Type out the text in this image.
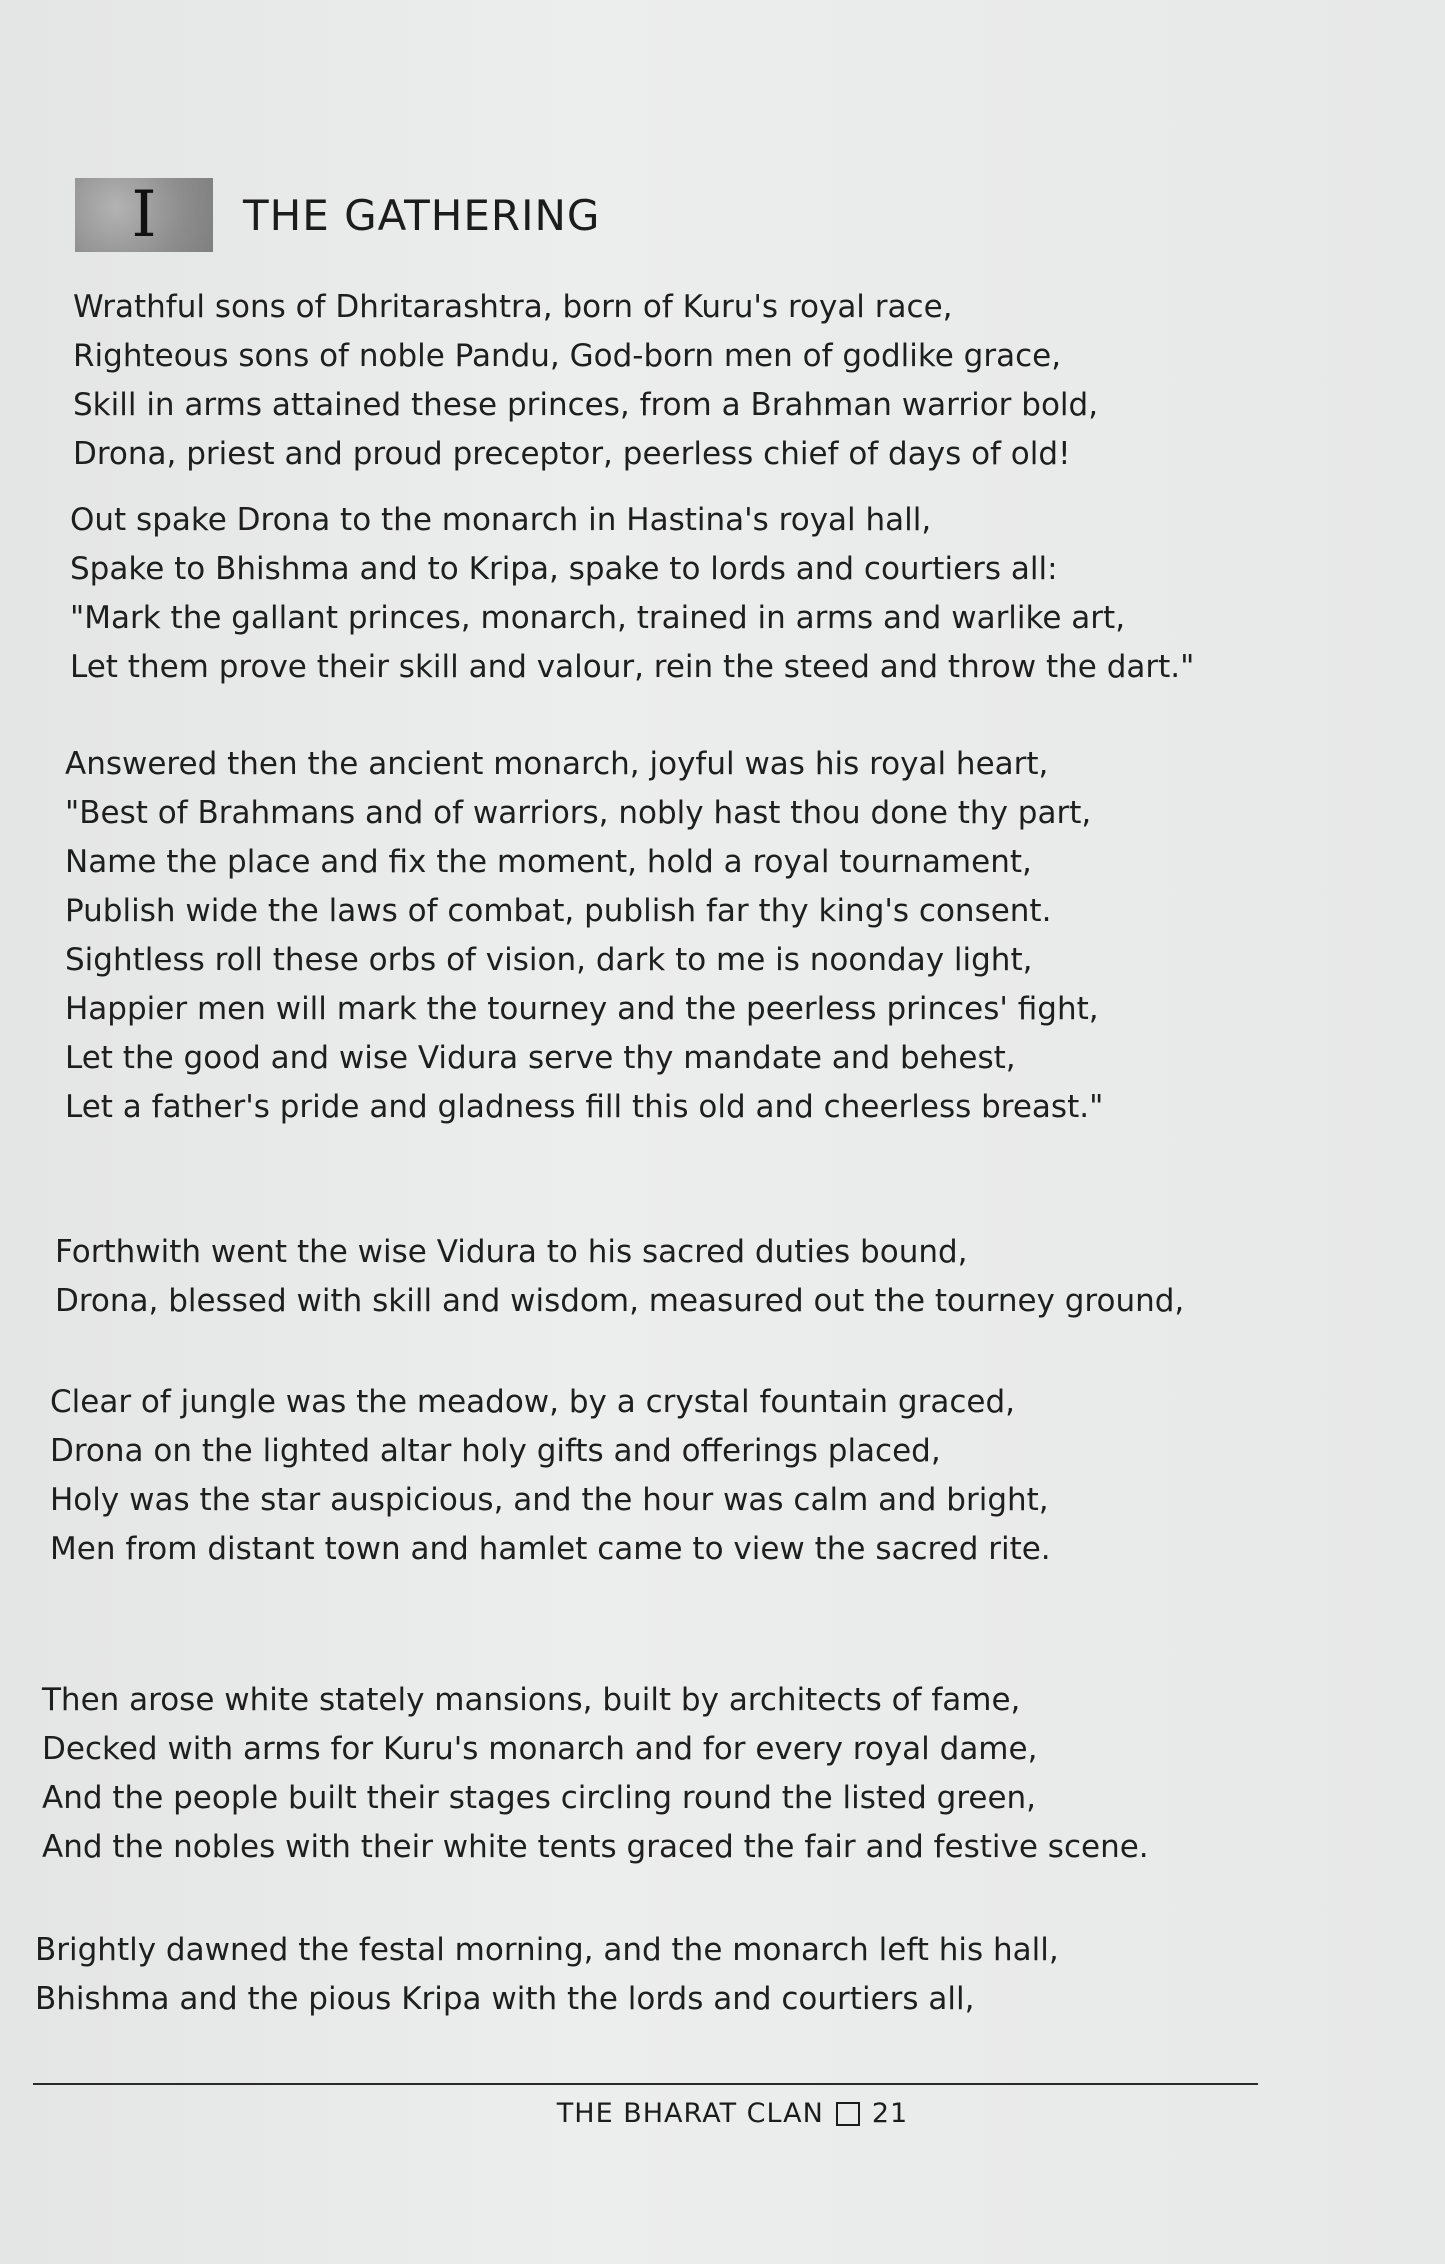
I THE GATHERING
Wrathful sons of Dhritarashtra, born of Kuru's royal race,
Righteous sons of noble Pandu, God-born men of godlike grace,
Skill in arms attained these princes, from a Brahman warrior bold,
Drona, priest and proud preceptor, peerless chief of days of old!
Out spake Drona to the monarch in Hastina's royal hall,
Spake to Bhishma and to Kripa, spake to lords and courtiers all:
"Mark the gallant princes, monarch, trained in arms and warlike art,
Let them prove their skill and valour, rein the steed and throw the dart."
Answered then the ancient monarch, joyful was his royal heart,
"Best of Brahmans and of warriors, nobly hast thou done thy part,
Name the place and fix the moment, hold a royal tournament,
Publish wide the laws of combat, publish far thy king's consent.
Sightless roll these orbs of vision, dark to me is noonday light,
Happier men will mark the tourney and the peerless princes' fight,
Let the good and wise Vidura serve thy mandate and behest,
Let a father's pride and gladness fill this old and cheerless breast."
Forthwith went the wise Vidura to his sacred duties bound,
Drona, blessed with skill and wisdom, measured out the tourney ground,
Clear of jungle was the meadow, by a crystal fountain graced,
Drona on the lighted altar holy gifts and offerings placed,
Holy was the star auspicious, and the hour was calm and bright,
Men from distant town and hamlet came to view the sacred rite.
Then arose white stately mansions, built by architects of fame,
Decked with arms for Kuru's monarch and for every royal dame,
And the people built their stages circling round the listed green,
And the nobles with their white tents graced the fair and festive scene.
Brightly dawned the festal morning, and the monarch left his hall,
Bhishma and the pious Kripa with the lords and courtiers all,
THE BHARAT CLAN 21
